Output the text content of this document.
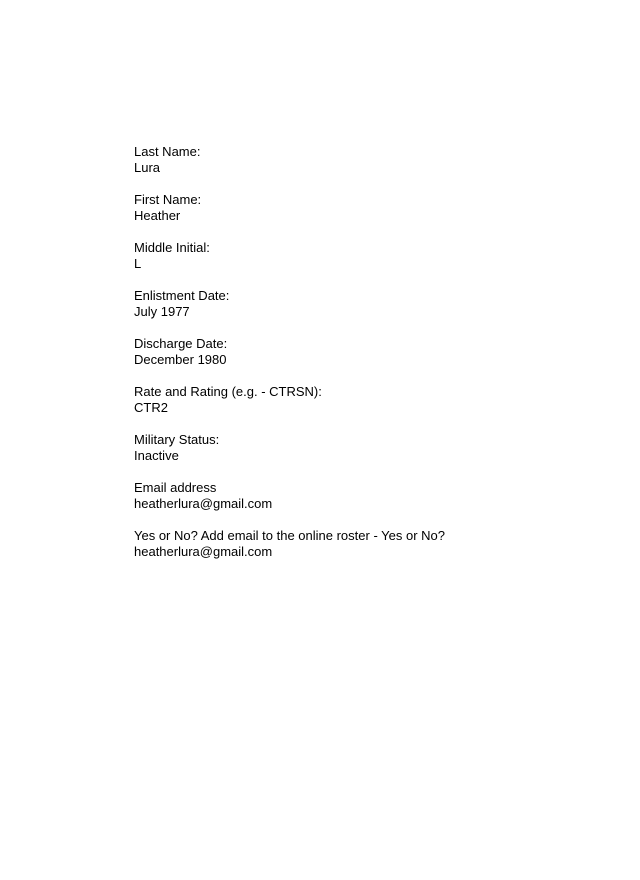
Last Name:
Lura
First Name:
Heather
Middle Initial:
L
Enlistment Date:
July 1977
Discharge Date:
December 1980
Rate and Rating (e.g. - CTRSN):
CTR2
Military Status:
Inactive
Email address
heatherlura@gmail.com
Yes or No? Add email to the online roster - Yes or No?
heatherlura@gmail.com
